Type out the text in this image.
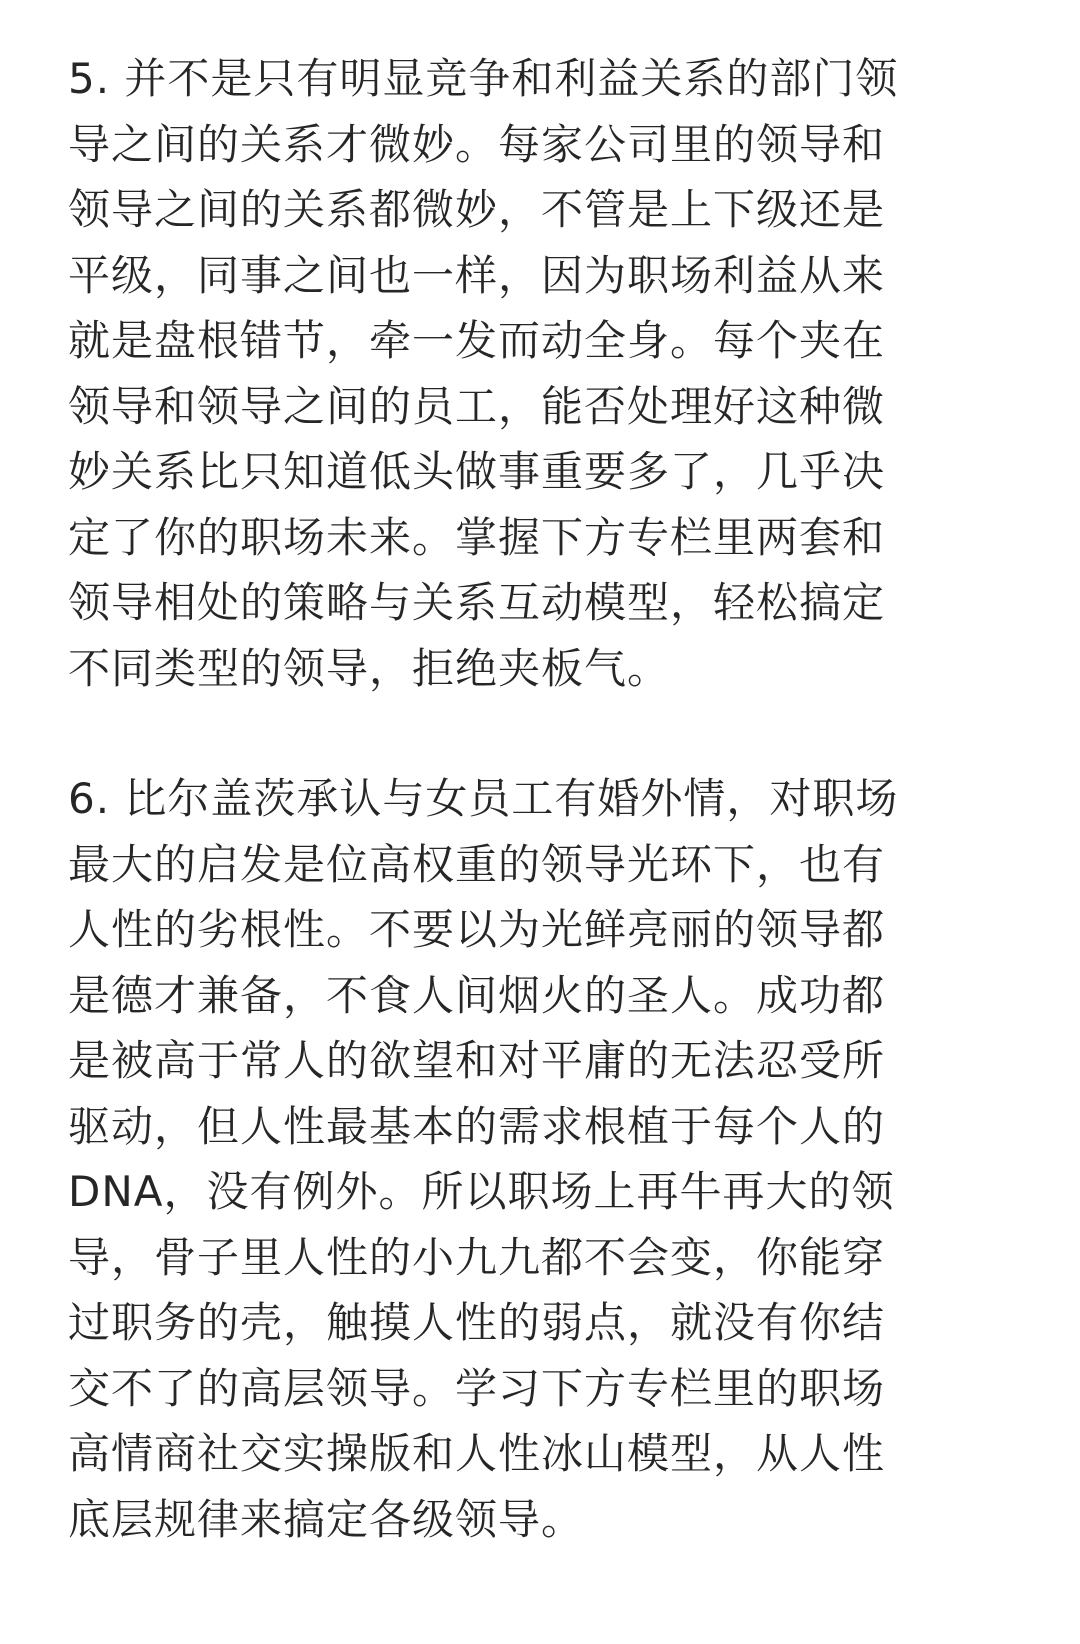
5. 并不是只有明显竞争和利益关系的部门领
导之间的关系才微妙。每家公司里的领导和
领导之间的关系都微妙，不管是上下级还是
平级，同事之间也一样，因为职场利益从来
就是盘根错节，牵一发而动全身。每个夹在
领导和领导之间的员工，能否处理好这种微
妙关系比只知道低头做事重要多了，几乎决
定了你的职场未来。掌握下方专栏里两套和
领导相处的策略与关系互动模型，轻松搞定
不同类型的领导，拒绝夹板气。

6. 比尔盖茨承认与女员工有婚外情，对职场
最大的启发是位高权重的领导光环下，也有
人性的劣根性。不要以为光鲜亮丽的领导都
是德才兼备，不食人间烟火的圣人。成功都
是被高于常人的欲望和对平庸的无法忍受所
驱动，但人性最基本的需求根植于每个人的
DNA，没有例外。所以职场上再牛再大的领
导，骨子里人性的小九九都不会变，你能穿
过职务的壳，触摸人性的弱点，就没有你结
交不了的高层领导。学习下方专栏里的职场
高情商社交实操版和人性冰山模型，从人性
底层规律来搞定各级领导。
